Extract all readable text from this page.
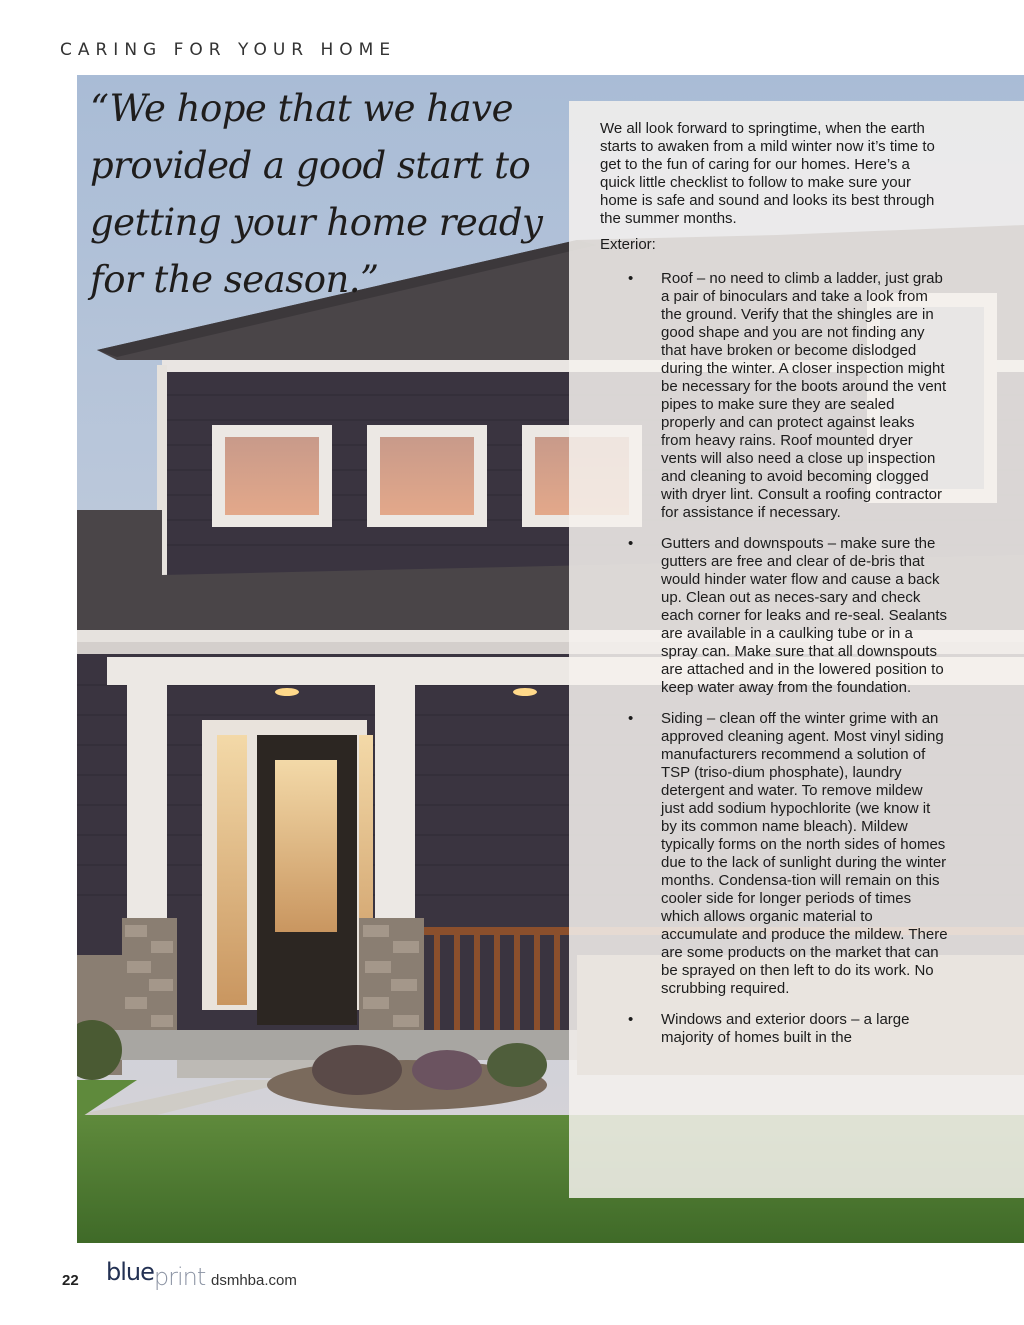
CARING FOR YOUR HOME
“We hope that we have
provided a good start to
getting your home ready
for the season.”

We all look forward to springtime, when the earth starts to awaken from a mild winter now it’s time to get to the fun of caring for our homes. Here’s a quick little checklist to follow to make sure your home is safe and sound and looks its best through the summer months.

Exterior:

• Roof – no need to climb a ladder, just grab a pair of binoculars and take a look from the ground. Verify that the shingles are in good shape and you are not finding any that have broken or become dislodged during the winter. A closer inspection might be necessary for the boots around the vent pipes to make sure they are sealed properly and can protect against leaks from heavy rains. Roof mounted dryer vents will also need a close up inspection and cleaning to avoid becoming clogged with dryer lint. Consult a roofing contractor for assistance if necessary.
• Gutters and downspouts – make sure the gutters are free and clear of de-bris that would hinder water flow and cause a back up. Clean out as neces-sary and check each corner for leaks and re-seal. Sealants are available in a caulking tube or in a spray can. Make sure that all downspouts are attached and in the lowered position to keep water away from the foundation.
• Siding – clean off the winter grime with an approved cleaning agent. Most vinyl siding manufacturers recommend a solution of TSP (triso-dium phosphate), laundry detergent and water. To remove mildew just add sodium hypochlorite (we know it by its common name bleach). Mildew typically forms on the north sides of homes due to the lack of sunlight during the winter months. Condensa-tion will remain on this cooler side for longer periods of times which allows organic material to accumulate and produce the mildew. There are some products on the market that can be sprayed on then left to do its work. No scrubbing required.
• Windows and exterior doors – a large majority of homes built in the
22 blueprint dsmhba.com
